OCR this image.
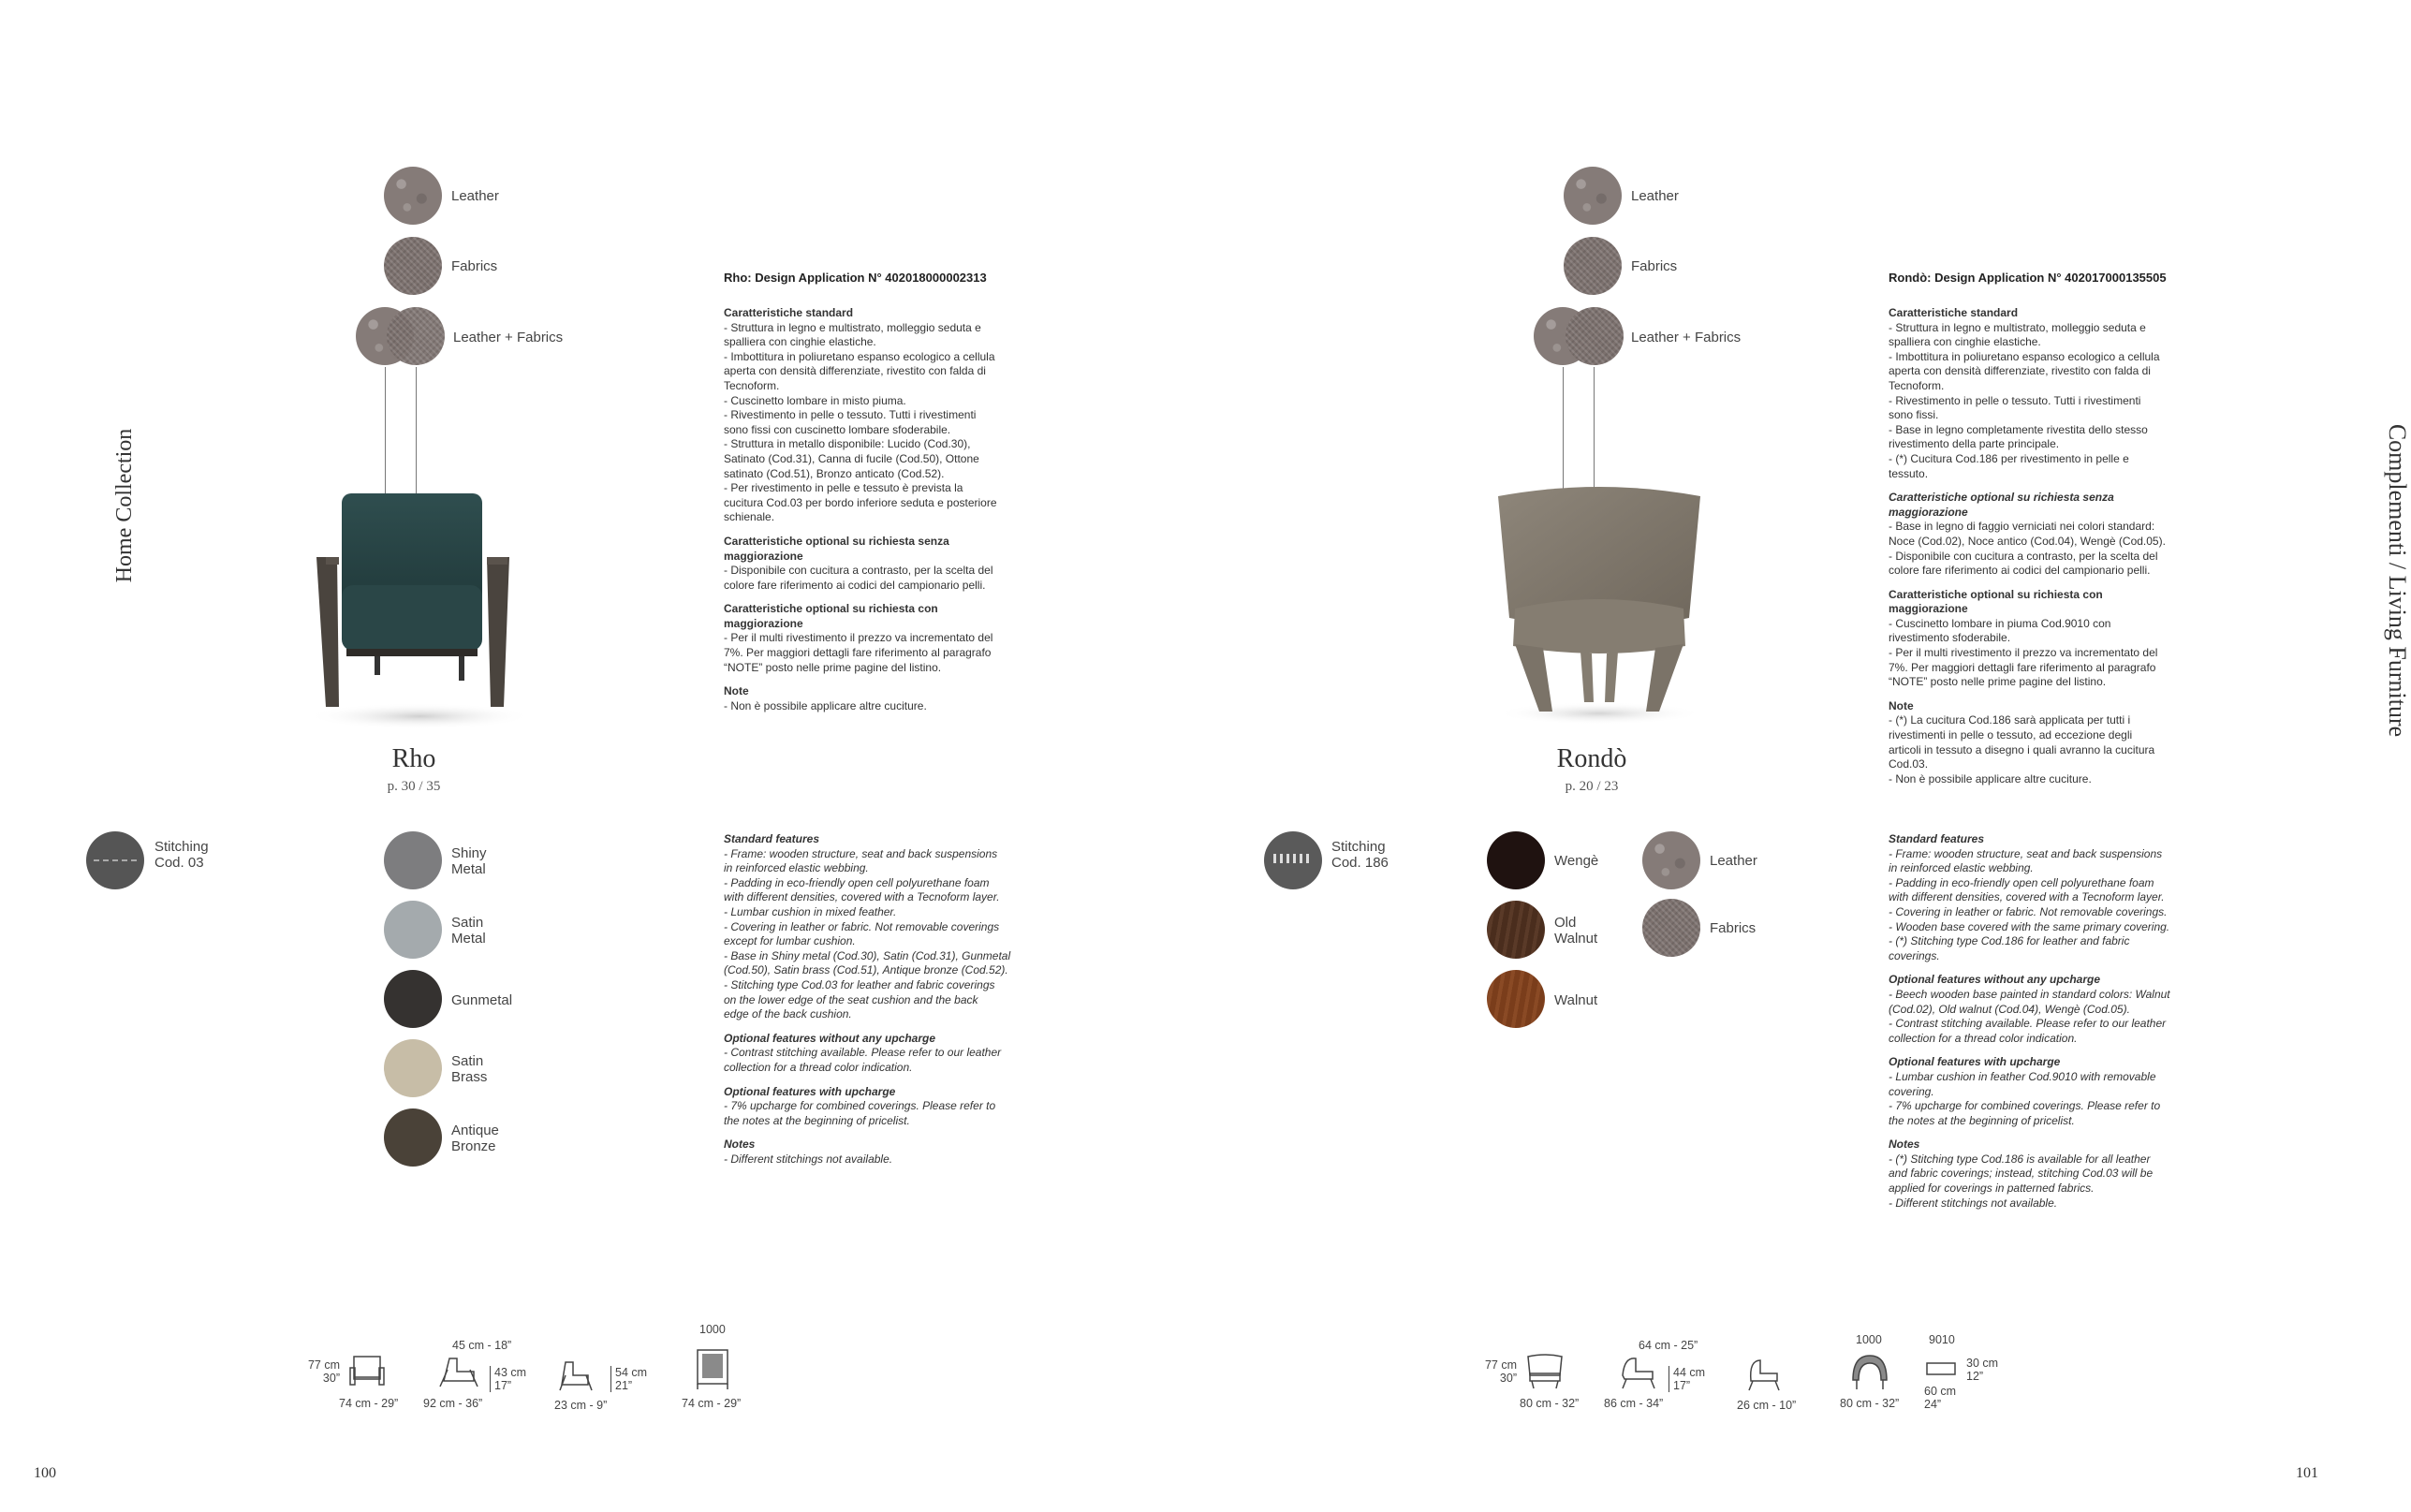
Home Collection
Leather
Fabrics
Leather + Fabrics
Rho
p. 30 / 35
Stitching
Cod. 03
Shiny
Metal
Satin
Metal
Gunmetal
Satin
Brass
Antique
Bronze
Rho: Design Application N° 402018000002313

Caratteristiche standard

- Struttura in legno e multistrato, molleggio seduta e

spalliera con cinghie elastiche.

- Imbottitura in poliuretano espanso ecologico a cellula

aperta con densità differenziate, rivestito con falda di

Tecnoform.

- Cuscinetto lombare in misto piuma.

- Rivestimento in pelle o tessuto. Tutti i rivestimenti

sono fissi con cuscinetto lombare sfoderabile.

- Struttura in metallo disponibile: Lucido (Cod.30),

Satinato (Cod.31), Canna di fucile (Cod.50), Ottone

satinato (Cod.51), Bronzo anticato (Cod.52).

- Per rivestimento in pelle e tessuto è prevista la

cucitura Cod.03 per bordo inferiore seduta e posteriore

schienale.

Caratteristiche optional su richiesta senza

maggiorazione

- Disponibile con cucitura a contrasto, per la scelta del

colore fare riferimento ai codici del campionario pelli.

Caratteristiche optional su richiesta con

maggiorazione

- Per il multi rivestimento il prezzo va incrementato del

7%. Per maggiori dettagli fare riferimento al paragrafo

“NOTE” posto nelle prime pagine del listino.

Note

- Non è possibile applicare altre cuciture.

Standard features

- Frame: wooden structure, seat and back suspensions

in reinforced elastic webbing.

- Padding in eco-friendly open cell polyurethane foam

with different densities, covered with a Tecnoform layer.

- Lumbar cushion in mixed feather.

- Covering in leather or fabric. Not removable coverings

except for lumbar cushion.

- Base in Shiny metal (Cod.30), Satin (Cod.31), Gunmetal

(Cod.50), Satin brass (Cod.51), Antique bronze (Cod.52).

- Stitching type Cod.03 for leather and fabric coverings

on the lower edge of the seat cushion and the back

edge of the back cushion.

Optional features without any upcharge

- Contrast stitching available. Please refer to our leather

collection for a thread color indication.

Optional features with upcharge

- 7% upcharge for combined coverings. Please refer to

the notes at the beginning of pricelist.

Notes

- Different stitchings not available.

77 cm
30”
74 cm - 29”
45 cm - 18”
43 cm
17”
92 cm - 36”
54 cm
21”
23 cm - 9”
1000
74 cm - 29”
100
Complementi / Living Furniture
Leather
Fabrics
Leather + Fabrics
Rondò
p. 20 / 23
Stitching
Cod. 186	Wengè
Old
Walnut
Walnut
Leather
Fabrics
Rondò: Design Application N° 402017000135505

Caratteristiche standard

- Struttura in legno e multistrato, molleggio seduta e

spalliera con cinghie elastiche.

- Imbottitura in poliuretano espanso ecologico a cellula

aperta con densità differenziate, rivestito con falda di

Tecnoform.

- Rivestimento in pelle o tessuto. Tutti i rivestimenti

sono fissi.

- Base in legno completamente rivestita dello stesso

rivestimento della parte principale.

- (*) Cucitura Cod.186 per rivestimento in pelle e

tessuto.

Caratteristiche optional su richiesta senza

maggiorazione

- Base in legno di faggio verniciati nei colori standard:

Noce (Cod.02), Noce antico (Cod.04), Wengè (Cod.05).

- Disponibile con cucitura a contrasto, per la scelta del

colore fare riferimento ai codici del campionario pelli.

Caratteristiche optional su richiesta con

maggiorazione

- Cuscinetto lombare in piuma Cod.9010 con

rivestimento sfoderabile.

- Per il multi rivestimento il prezzo va incrementato del

7%. Per maggiori dettagli fare riferimento al paragrafo

“NOTE” posto nelle prime pagine del listino.

Note

- (*) La cucitura Cod.186 sarà applicata per tutti i

rivestimenti in pelle o tessuto, ad eccezione degli

articoli in tessuto a disegno i quali avranno la cucitura

Cod.03.

- Non è possibile applicare altre cuciture.

Standard features

- Frame: wooden structure, seat and back suspensions

in reinforced elastic webbing.

- Padding in eco-friendly open cell polyurethane foam

with different densities, covered with a Tecnoform layer.

- Covering in leather or fabric. Not removable coverings.

- Wooden base covered with the same primary covering.

- (*) Stitching type Cod.186 for leather and fabric

coverings.

Optional features without any upcharge

- Beech wooden base painted in standard colors: Walnut

(Cod.02), Old walnut (Cod.04), Wengè (Cod.05).

- Contrast stitching available. Please refer to our leather

collection for a thread color indication.

Optional features with upcharge

- Lumbar cushion in feather Cod.9010 with removable

covering.

- 7% upcharge for combined coverings. Please refer to

the notes at the beginning of pricelist.

Notes

- (*) Stitching type Cod.186 is available for all leather

and fabric coverings; instead, stitching Cod.03 will be

applied for coverings in patterned fabrics.

- Different stitchings not available.

77 cm
30”
80 cm - 32”
64 cm - 25”
44 cm
17”
86 cm - 34”	26 cm - 10”
1000
80 cm - 32”
9010
30 cm
12”
60 cm
24”
101
